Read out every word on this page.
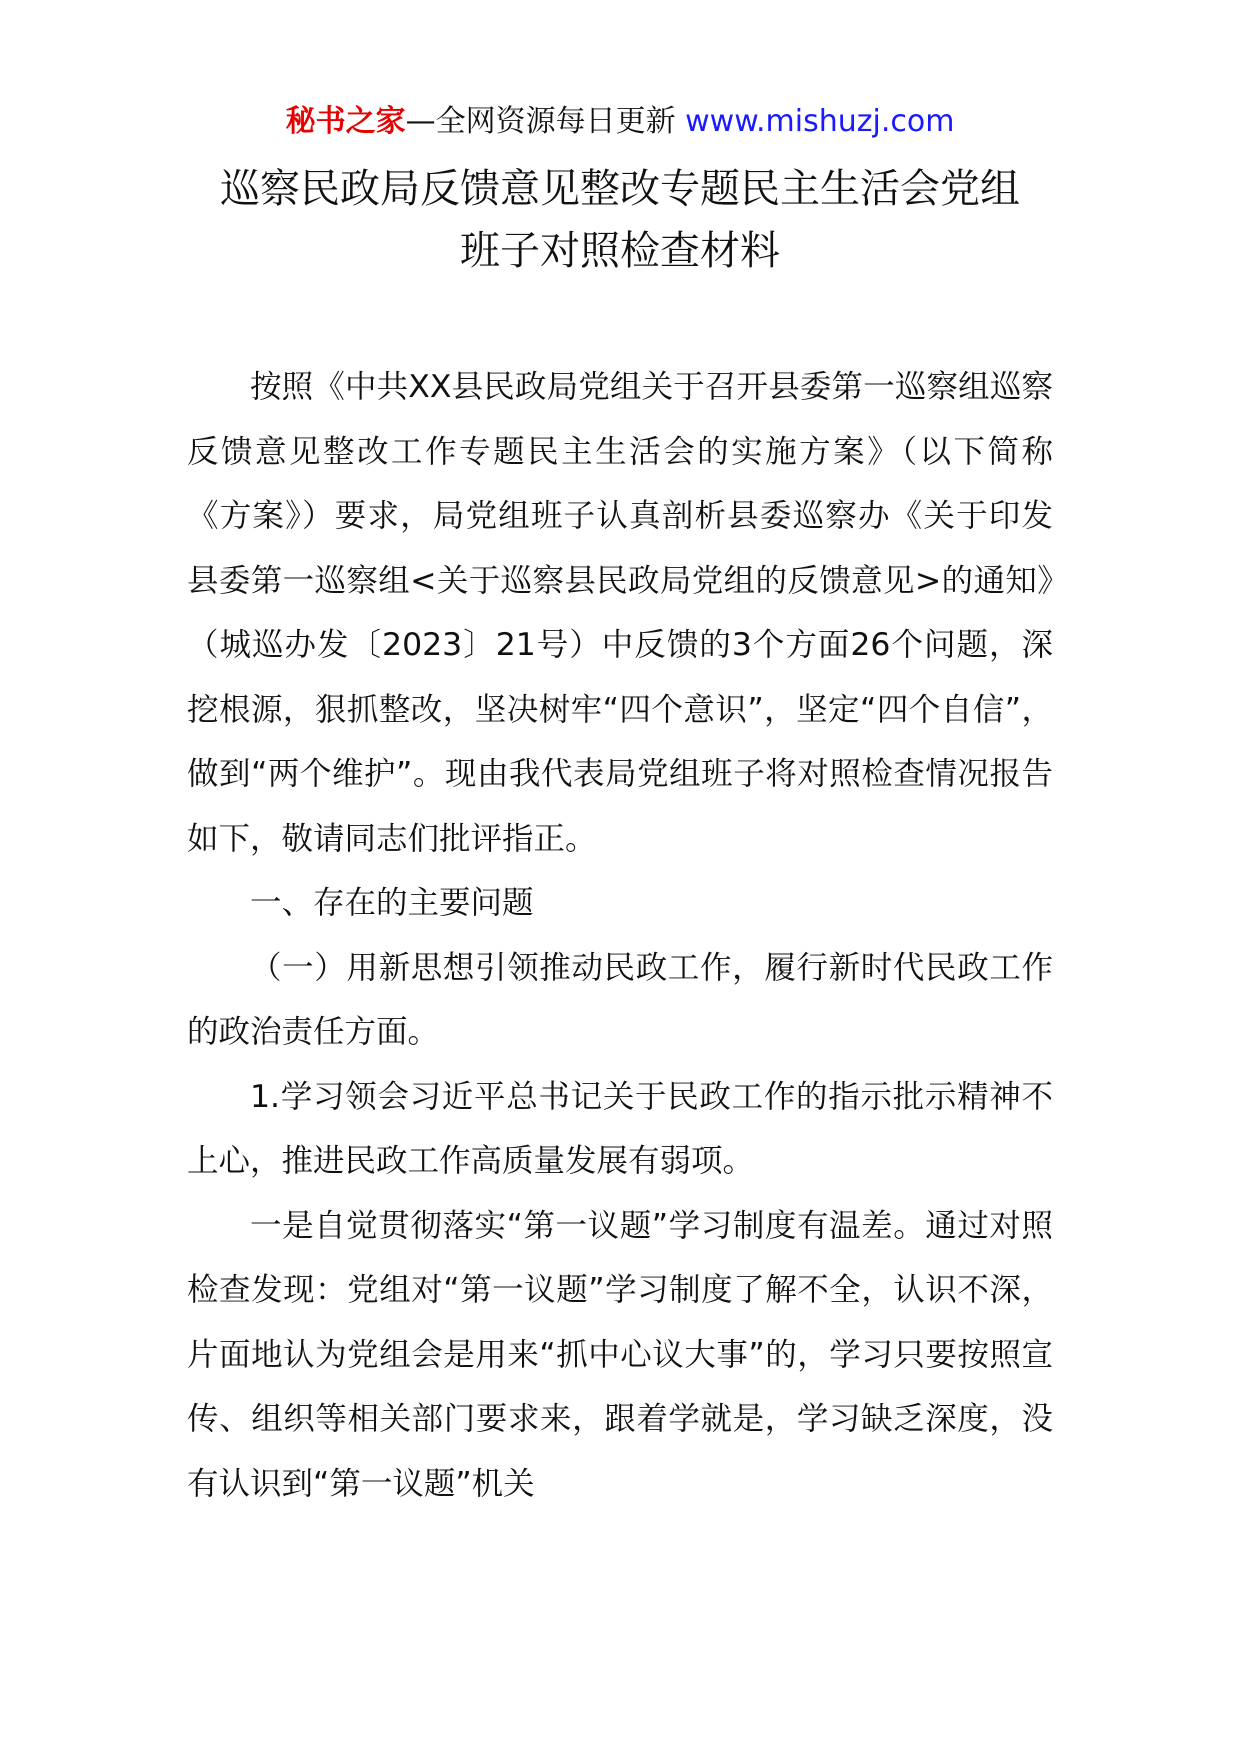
秘书之家—全网资源每日更新 www.mishuzj.com
巡察民政局反馈意见整改专题民主生活会党组
班子对照检查材料

按照《中共XX县民政局党组关于召开县委第一巡察组巡察反馈意见整改工作专题民主生活会的实施方案》（以下简称《方案》）要求，局党组班子认真剖析县委巡察办《关于印发县委第一巡察组<关于巡察县民政局党组的反馈意见>的通知》（城巡办发〔2023〕21号）中反馈的3个方面26个问题，深挖根源，狠抓整改，坚决树牢“四个意识”，坚定“四个自信”，做到“两个维护”。现由我代表局党组班子将对照检查情况报告如下，敬请同志们批评指正。

一、存在的主要问题

（一）用新思想引领推动民政工作，履行新时代民政工作的政治责任方面。

1.学习领会习近平总书记关于民政工作的指示批示精神不上心，推进民政工作高质量发展有弱项。

一是自觉贯彻落实“第一议题”学习制度有温差。通过对照检查发现：党组对“第一议题”学习制度了解不全，认识不深，片面地认为党组会是用来“抓中心议大事”的，学习只要按照宣传、组织等相关部门要求来，跟着学就是，学习缺乏深度，没有认识到“第一议题”机关
